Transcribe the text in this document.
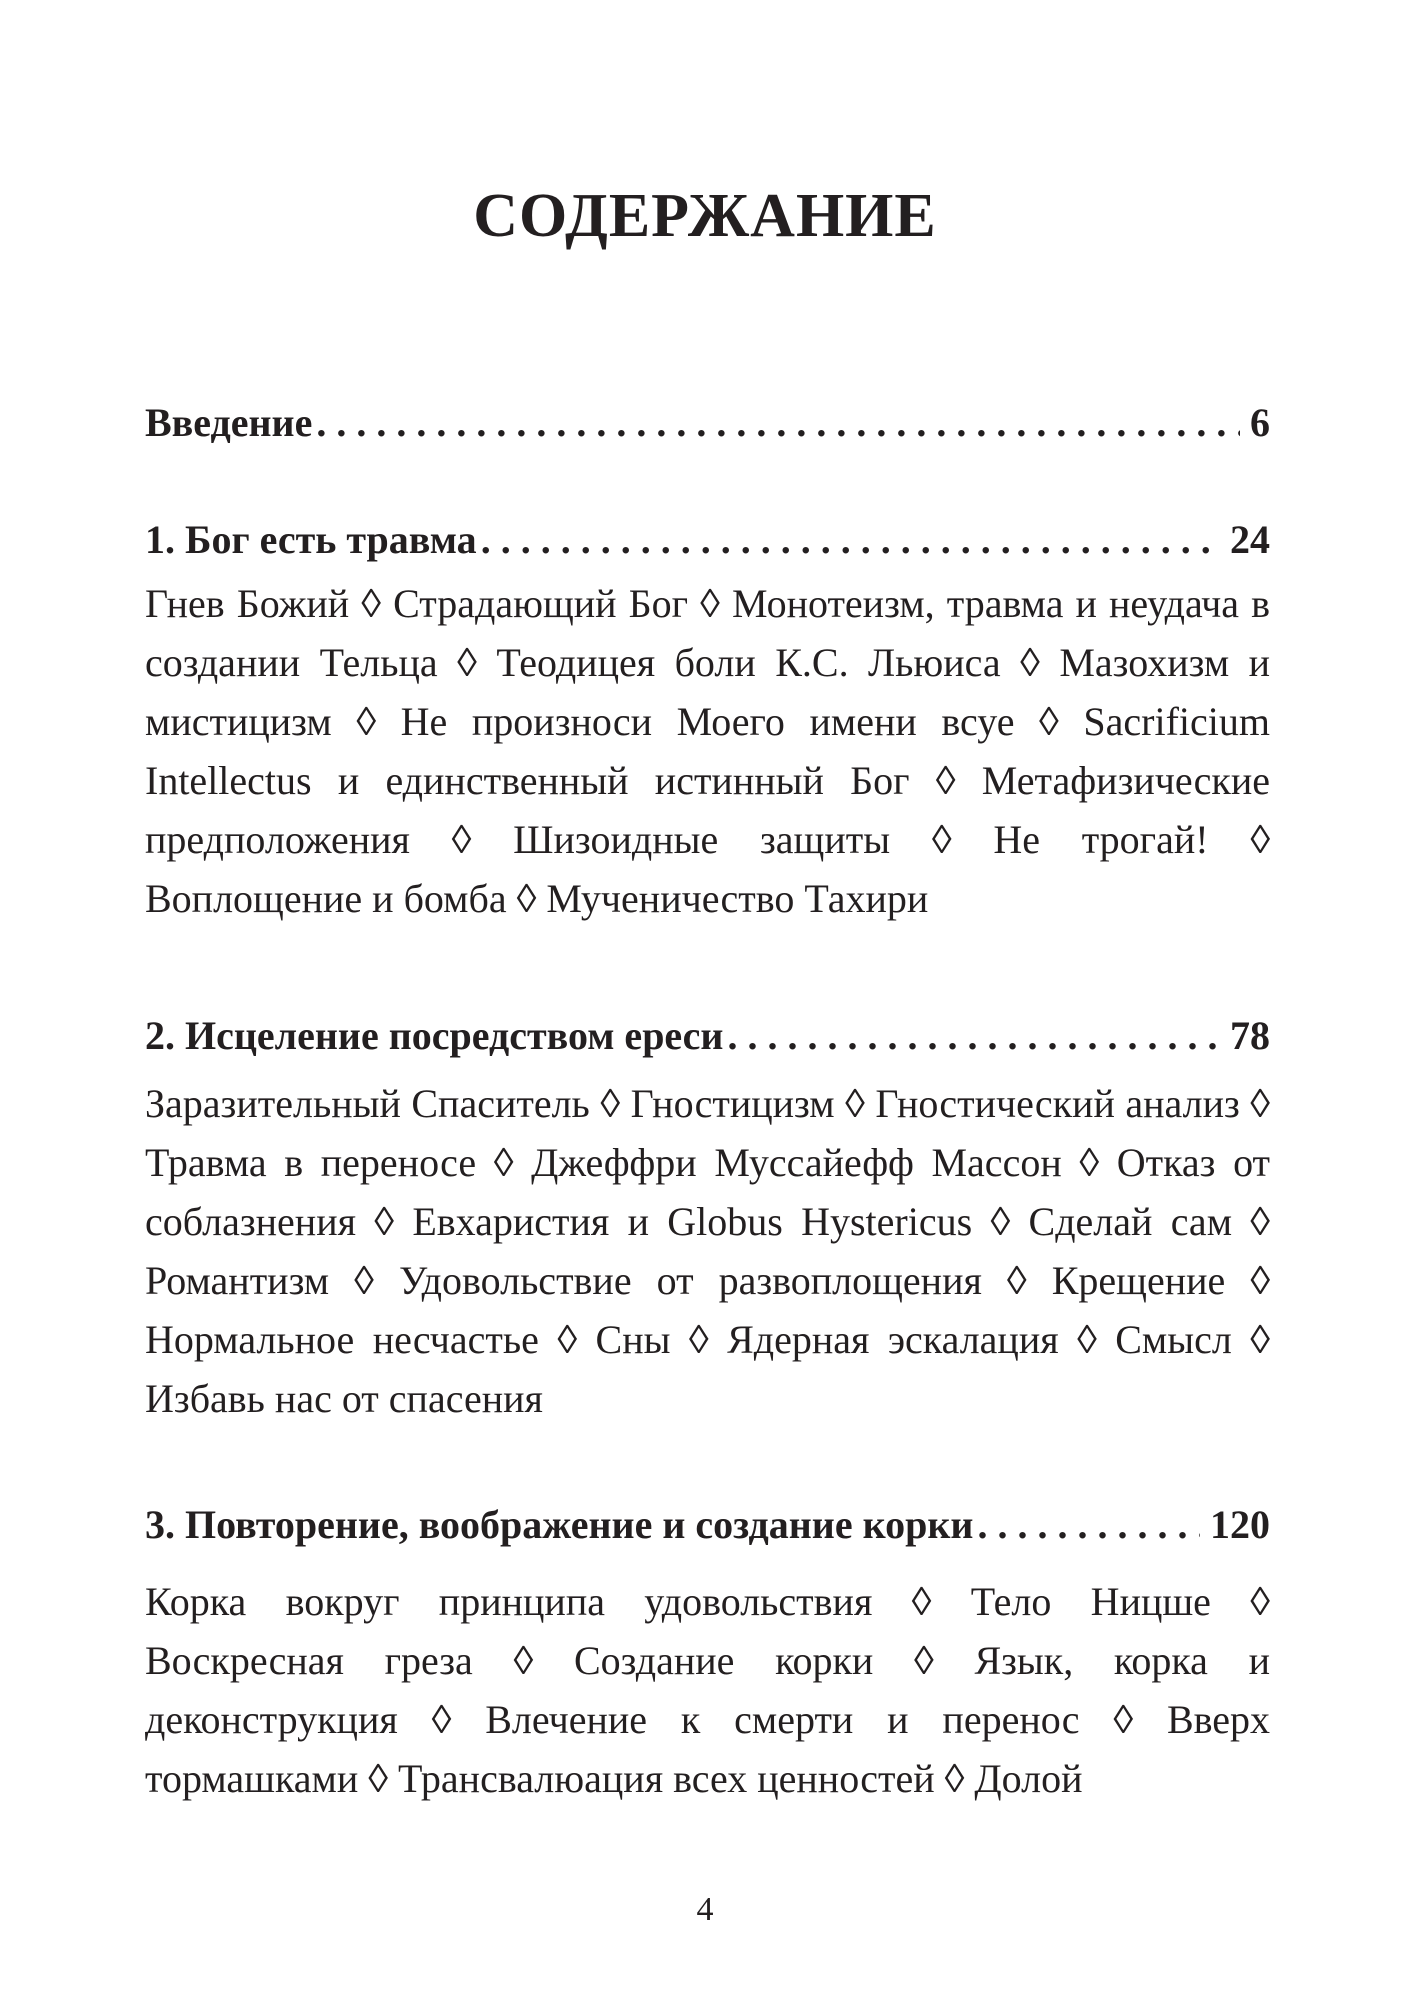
СОДЕРЖАНИЕ
Введение . . .	6
1. Бог есть травма . . .	24
Гнев Божий ◊ Страдающий Бог ◊ Монотеизм, травма и неудача в создании Тельца ◊ Теодицея боли К.С. Льюиса ◊ Мазохизм и мистицизм ◊ Не произноси Моего имени всуе ◊ Sacrificium Intellectus и единственный истинный Бог ◊ Метафизические предположения ◊ Шизоидные защиты ◊ Не трогай! ◊ Воплощение и бомба ◊ Мученичество Тахири
2. Исцеление посредством ереси . . .	78
Заразительный Спаситель ◊ Гностицизм ◊ Гностический анализ ◊ Травма в переносе ◊ Джеффри Муссайефф Массон ◊ Отказ от соблазнения ◊ Евхаристия и Globus Hystericus ◊ Сделай сам ◊ Романтизм ◊ Удовольствие от развоплощения ◊ Крещение ◊ Нормальное несчастье ◊ Сны ◊ Ядерная эскалация ◊ Смысл ◊ Избавь нас от спасения
3. Повторение, воображение и создание корки . . .	120
Корка вокруг принципа удовольствия ◊ Тело Ницше ◊ Воскресная греза ◊ Создание корки ◊ Язык, корка и деконструкция ◊ Влечение к смерти и перенос ◊ Вверх тормашками ◊ Трансвалюация всех ценностей ◊ Долой
4
